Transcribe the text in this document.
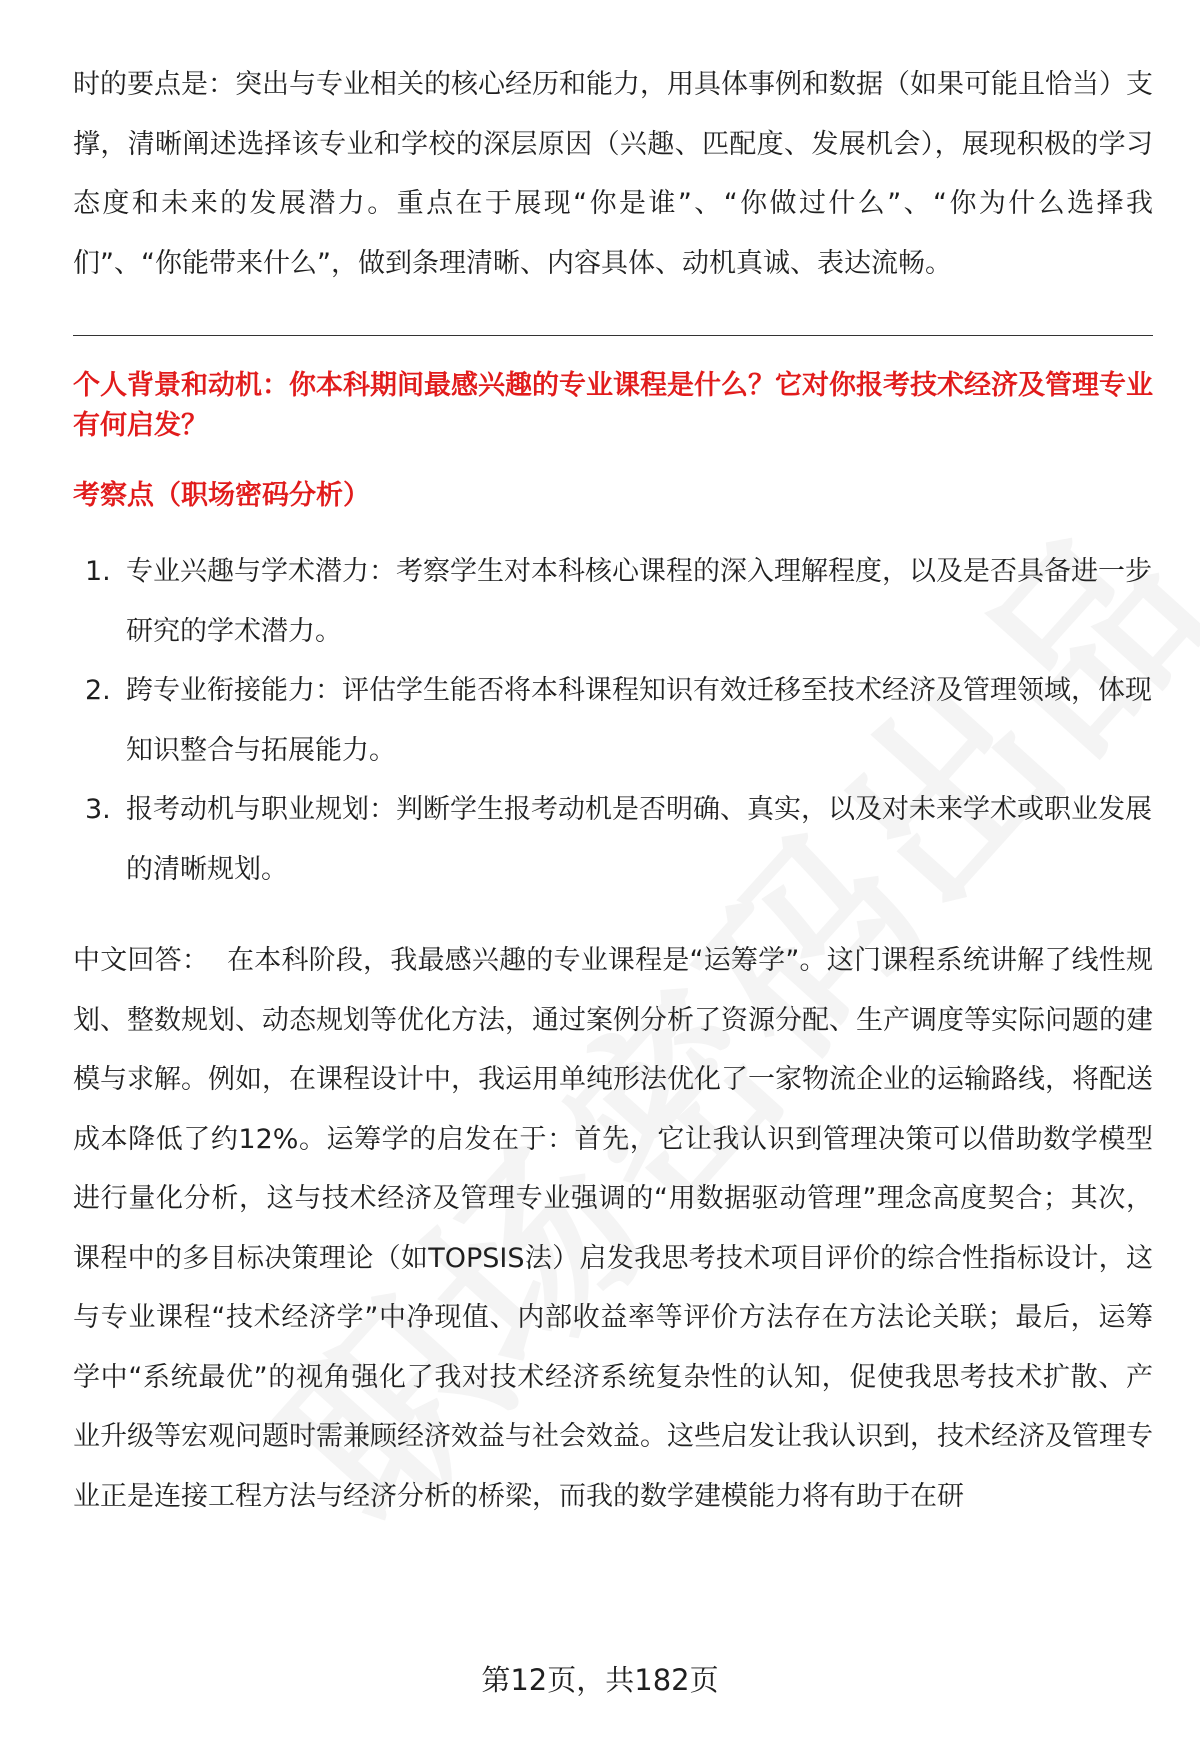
时的要点是：突出与专业相关的核心经历和能力，用具体事例和数据（如果可能且恰当）支撑，清晰阐述选择该专业和学校的深层原因（兴趣、匹配度、发展机会），展现积极的学习态度和未来的发展潜力。重点在于展现“你是谁”、“你做过什么”、“你为什么选择我们”、“你能带来什么”，做到条理清晰、内容具体、动机真诚、表达流畅。

个人背景和动机：你本科期间最感兴趣的专业课程是什么？它对你报考技术经济及管理专业有何启发？
考察点（职场密码分析）
1. 专业兴趣与学术潜力：考察学生对本科核心课程的深入理解程度，以及是否具备进一步研究的学术潜力。
2. 跨专业衔接能力：评估学生能否将本科课程知识有效迁移至技术经济及管理领域，体现知识整合与拓展能力。
3. 报考动机与职业规划：判断学生报考动机是否明确、真实，以及对未来学术或职业发展的清晰规划。

中文回答： 在本科阶段，我最感兴趣的专业课程是“运筹学”。这门课程系统讲解了线性规划、整数规划、动态规划等优化方法，通过案例分析了资源分配、生产调度等实际问题的建模与求解。例如，在课程设计中，我运用单纯形法优化了一家物流企业的运输路线，将配送成本降低了约12%。运筹学的启发在于：首先，它让我认识到管理决策可以借助数学模型进行量化分析，这与技术经济及管理专业强调的“用数据驱动管理”理念高度契合；其次，课程中的多目标决策理论（如TOPSIS法）启发我思考技术项目评价的综合性指标设计，这与专业课程“技术经济学”中净现值、内部收益率等评价方法存在方法论关联；最后，运筹学中“系统最优”的视角强化了我对技术经济系统复杂性的认知，促使我思考技术扩散、产业升级等宏观问题时需兼顾经济效益与社会效益。这些启发让我认识到，技术经济及管理专业正是连接工程方法与经济分析的桥梁，而我的数学建模能力将有助于在研

第12页，共182页
